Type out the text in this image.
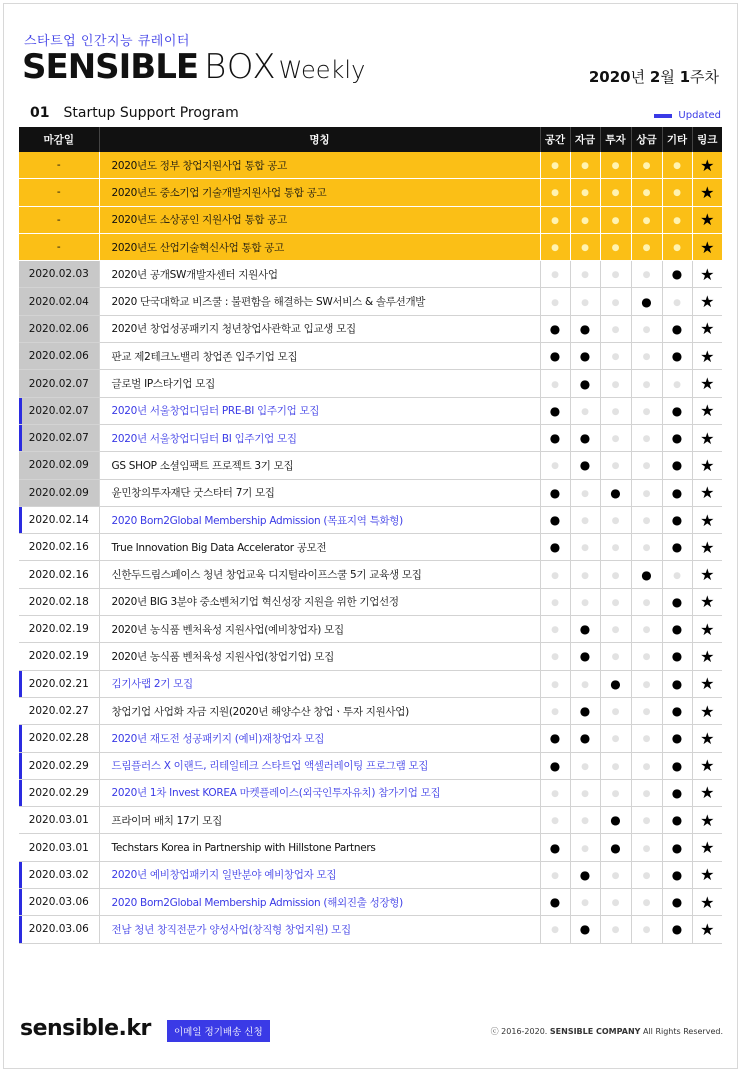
스타트업 인간지능 큐레이터
SENSIBLE BOXWeekly	2020년 2월 1주차
01 Startup Support Program	Updated
마감일	명칭	공간	자금	투자	상금	기타	링크
-	2020년도 정부 창업지원사업 통합 공고	●	●	●	●	●	★
-	2020년도 중소기업 기술개발지원사업 통합 공고	●	●	●	●	●	★
-	2020년도 소상공인 지원사업 통합 공고	●	●	●	●	●	★
-	2020년도 산업기술혁신사업 통합 공고	●	●	●	●	●	★
2020.02.03	2020년 공개SW개발자센터 지원사업	●	●	●	●	●	★
2020.02.04	2020 단국대학교 비즈쿨 : 불편함을 해결하는 SW서비스 & 솔루션개발	●	●	●	●	●	★
2020.02.06	2020년 창업성공패키지 청년창업사관학교 입교생 모집	●	●	●	●	●	★
2020.02.06	판교 제2테크노밸리 창업존 입주기업 모집	●	●	●	●	●	★
2020.02.07	글로벌 IP스타기업 모집	●	●	●	●	●	★
2020.02.07	2020년 서울창업디딤터 PRE-BI 입주기업 모집	●	●	●	●	●	★
2020.02.07	2020년 서울창업디딤터 BI 입주기업 모집	●	●	●	●	●	★
2020.02.09	GS SHOP 소셜임팩트 프로젝트 3기 모집	●	●	●	●	●	★
2020.02.09	윤민창의투자재단 굿스타터 7기 모집	●	●	●	●	●	★
2020.02.14	2020 Born2Global Membership Admission (목표지역 특화형)	●	●	●	●	●	★
2020.02.16	True Innovation Big Data Accelerator 공모전	●	●	●	●	●	★
2020.02.16	신한두드림스페이스 청년 창업교육 디지털라이프스쿨 5기 교육생 모집	●	●	●	●	●	★
2020.02.18	2020년 BIG 3분야 중소벤처기업 혁신성장 지원을 위한 기업선정	●	●	●	●	●	★
2020.02.19	2020년 농식품 벤처육성 지원사업(예비창업자) 모집	●	●	●	●	●	★
2020.02.19	2020년 농식품 벤처육성 지원사업(창업기업) 모집	●	●	●	●	●	★
2020.02.21	김기사랩 2기 모집	●	●	●	●	●	★
2020.02.27	창업기업 사업화 자금 지원(2020년 해양수산 창업ㆍ투자 지원사업)	●	●	●	●	●	★
2020.02.28	2020년 재도전 성공패키지 (예비)재창업자 모집	●	●	●	●	●	★
2020.02.29	드림플러스 X 이랜드, 리테일테크 스타트업 액셀러레이팅 프로그램 모집	●	●	●	●	●	★
2020.02.29	2020년 1차 Invest KOREA 마켓플레이스(외국인투자유치) 참가기업 모집	●	●	●	●	●	★
2020.03.01	프라이머 배치 17기 모집	●	●	●	●	●	★
2020.03.01	Techstars Korea in Partnership with Hillstone Partners	●	●	●	●	●	★
2020.03.02	2020년 예비창업패키지 일반분야 예비창업자 모집	●	●	●	●	●	★
2020.03.06	2020 Born2Global Membership Admission (해외진출 성장형)	●	●	●	●	●	★
2020.03.06	전남 청년 창직전문가 양성사업(창직형 창업지원) 모집	●	●	●	●	●	★
sensible.kr	이메일 정기배송 신청	ⓒ 2016-2020. SENSIBLE COMPANY All Rights Reserved.
